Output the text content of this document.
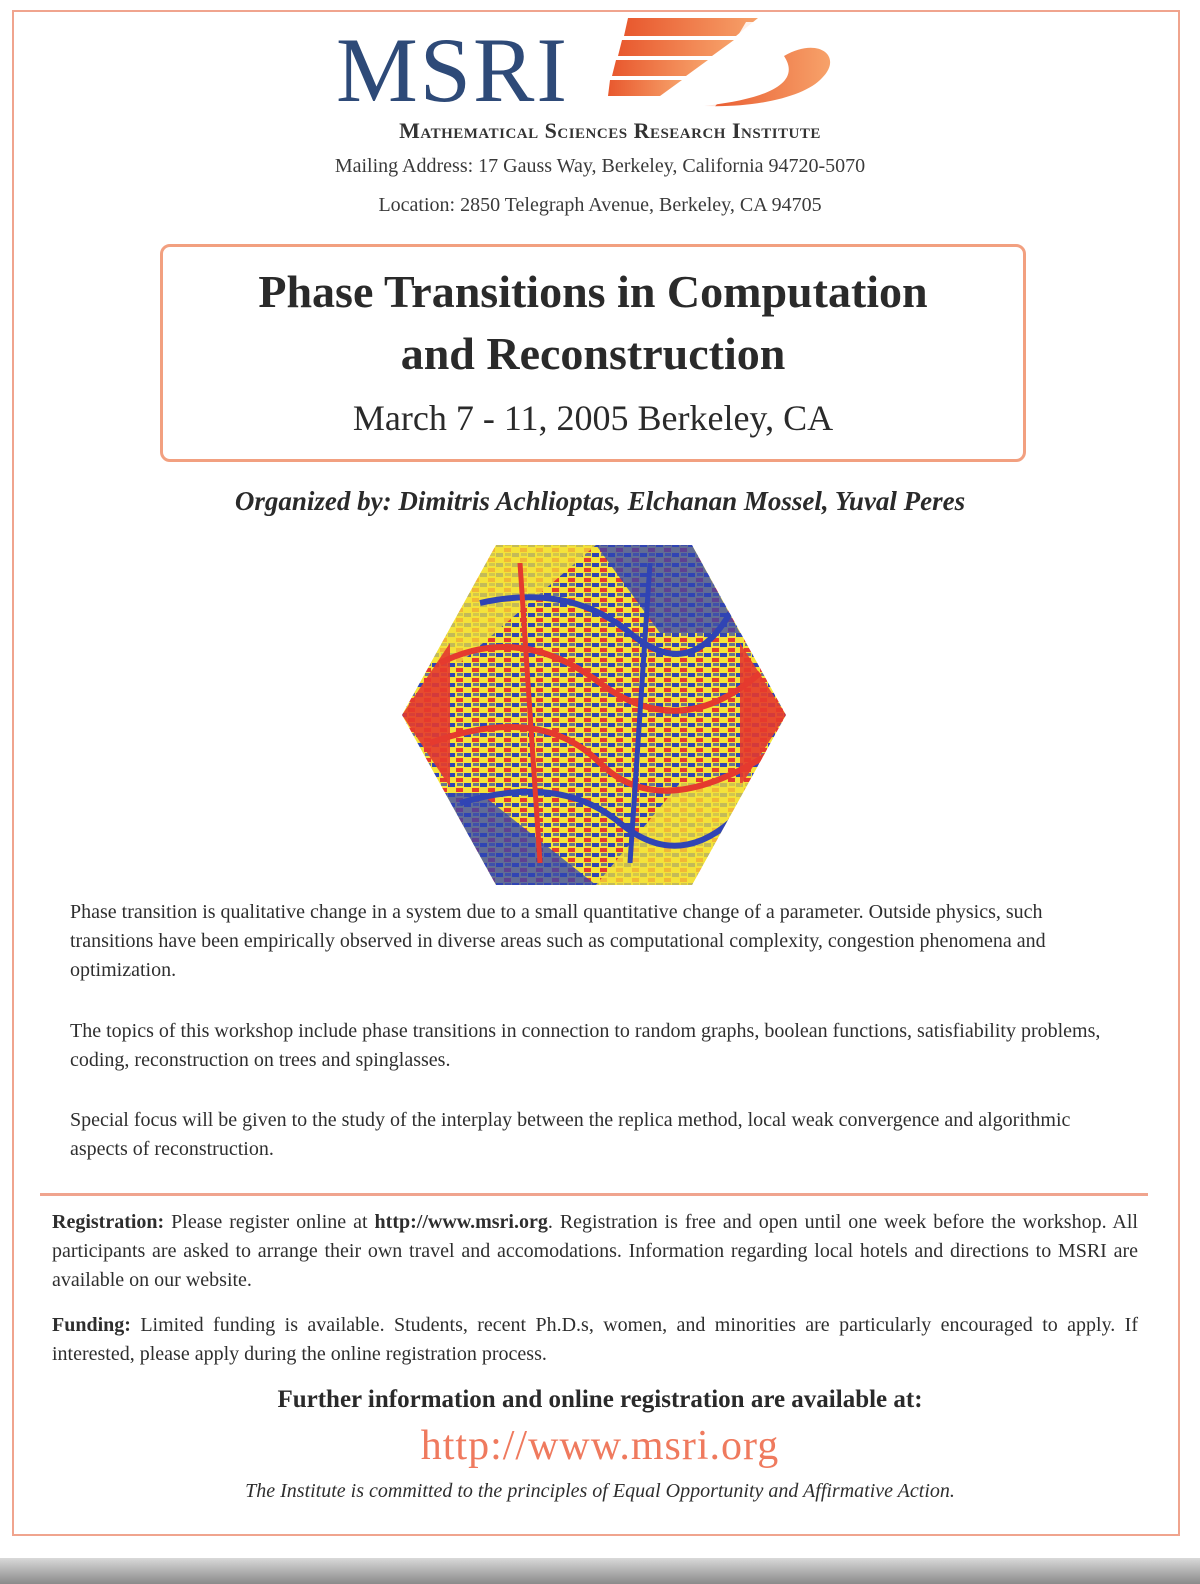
MSRI
Mathematical Sciences Research Institute
Mailing Address: 17 Gauss Way, Berkeley, California 94720-5070
Location: 2850 Telegraph Avenue, Berkeley, CA 94705
Phase Transitions in Computation
and Reconstruction
March 7 - 11, 2005 Berkeley, CA
Organized by: Dimitris Achlioptas, Elchanan Mossel, Yuval Peres
Phase transition is qualitative change in a system due to a small quantitative change of a parameter. Outside physics, such transitions have been empirically observed in diverse areas such as computational complexity, congestion phenomena and optimization.
The topics of this workshop include phase transitions in connection to random graphs, boolean functions, satisfiability problems, coding, reconstruction on trees and spinglasses.
Special focus will be given to the study of the interplay between the replica method, local weak convergence and algorithmic aspects of reconstruction.
Registration: Please register online at http://www.msri.org. Registration is free and open until one week before the workshop. All participants are asked to arrange their own travel and accomodations. Information regarding local hotels and directions to MSRI are available on our website.
Funding: Limited funding is available. Students, recent Ph.D.s, women, and minorities are particularly encouraged to apply. If interested, please apply during the online registration process.
Further information and online registration are available at:
http://www.msri.org
The Institute is committed to the principles of Equal Opportunity and Affirmative Action.
